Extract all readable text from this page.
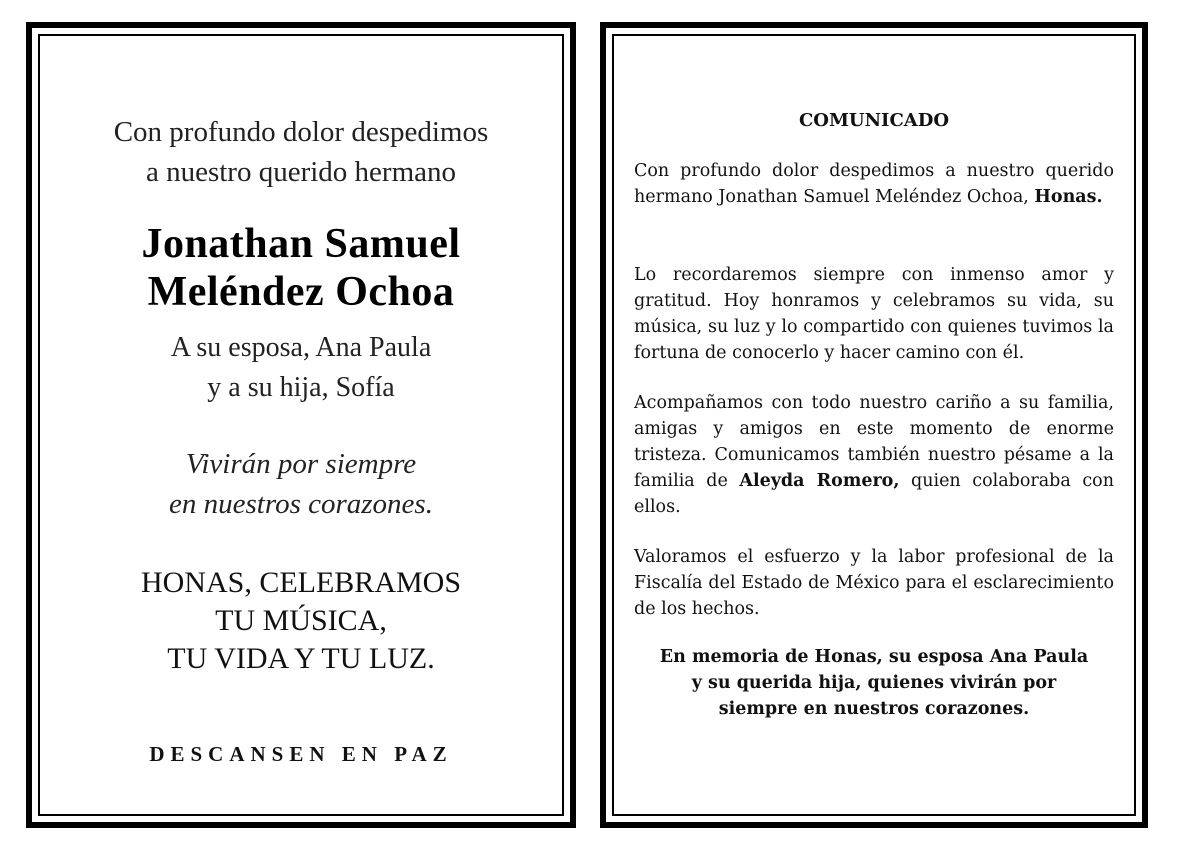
Con profundo dolor despedimos
a nuestro querido hermano
Jonathan Samuel
Meléndez Ochoa
A su esposa, Ana Paula
y a su hija, Sofía
Vivirán por siempre
en nuestros corazones.
HONAS, CELEBRAMOS
TU MÚSICA,
TU VIDA Y TU LUZ.
DESCANSEN EN PAZ
COMUNICADO

Con profundo dolor despedimos a nuestro querido hermano Jonathan Samuel Meléndez Ochoa, Honas.

Lo recordaremos siempre con inmenso amor y gratitud. Hoy honramos y celebramos su vida, su música, su luz y lo compartido con quienes tuvimos la fortuna de conocerlo y hacer camino con él.

Acompañamos con todo nuestro cariño a su familia, amigas y amigos en este momento de enorme tristeza. Comunicamos también nuestro pésame a la familia de Aleyda Romero, quien colaboraba con ellos.

Valoramos el esfuerzo y la labor profesional de la Fiscalía del Estado de México para el esclarecimiento de los hechos.

En memoria de Honas, su esposa Ana Paula
y su querida hija, quienes vivirán por
siempre en nuestros corazones.
